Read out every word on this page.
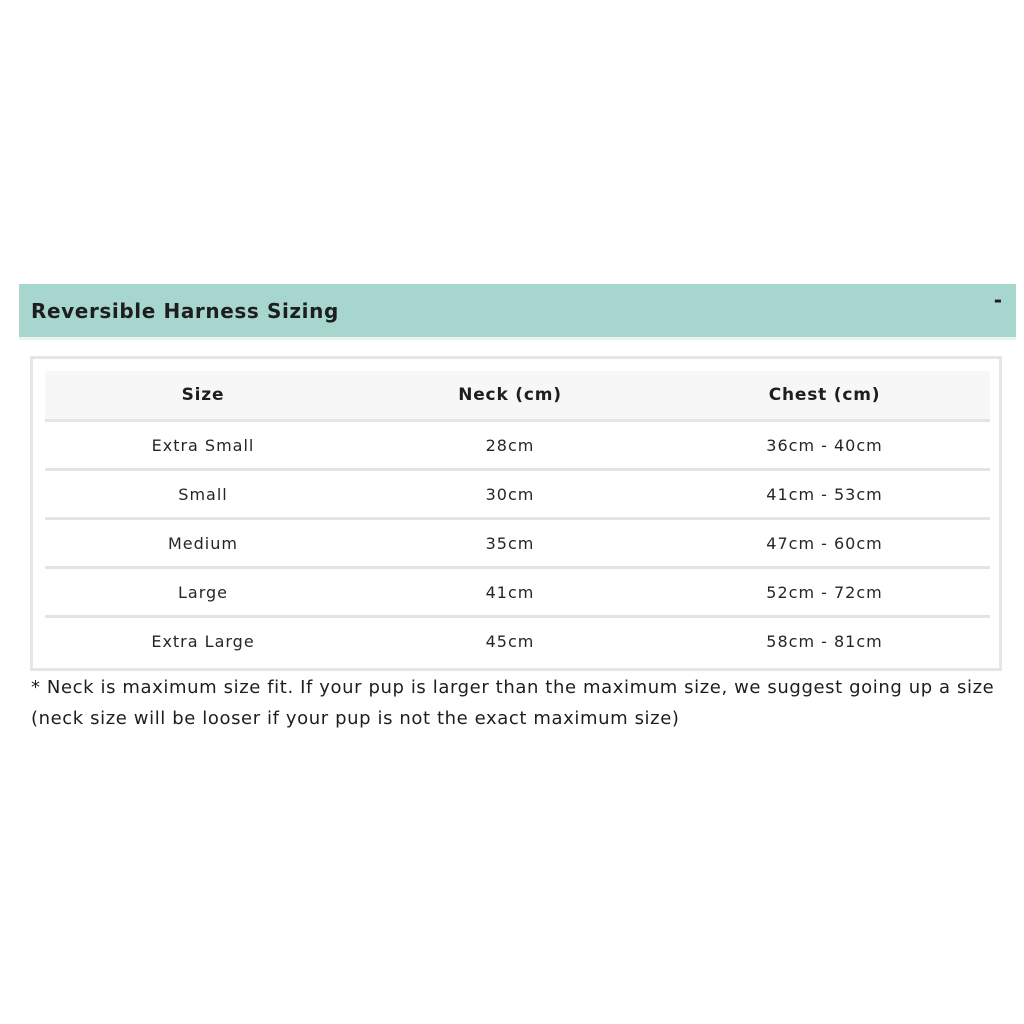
Reversible Harness Sizing	-
Size	Neck (cm)	Chest (cm)
Extra Small	28cm	36cm - 40cm
Small	30cm	41cm - 53cm
Medium	35cm	47cm - 60cm
Large	41cm	52cm - 72cm
Extra Large	45cm	58cm - 81cm
* Neck is maximum size fit. If your pup is larger than the maximum size, we suggest going up a size (neck size will be looser if your pup is not the exact maximum size)
